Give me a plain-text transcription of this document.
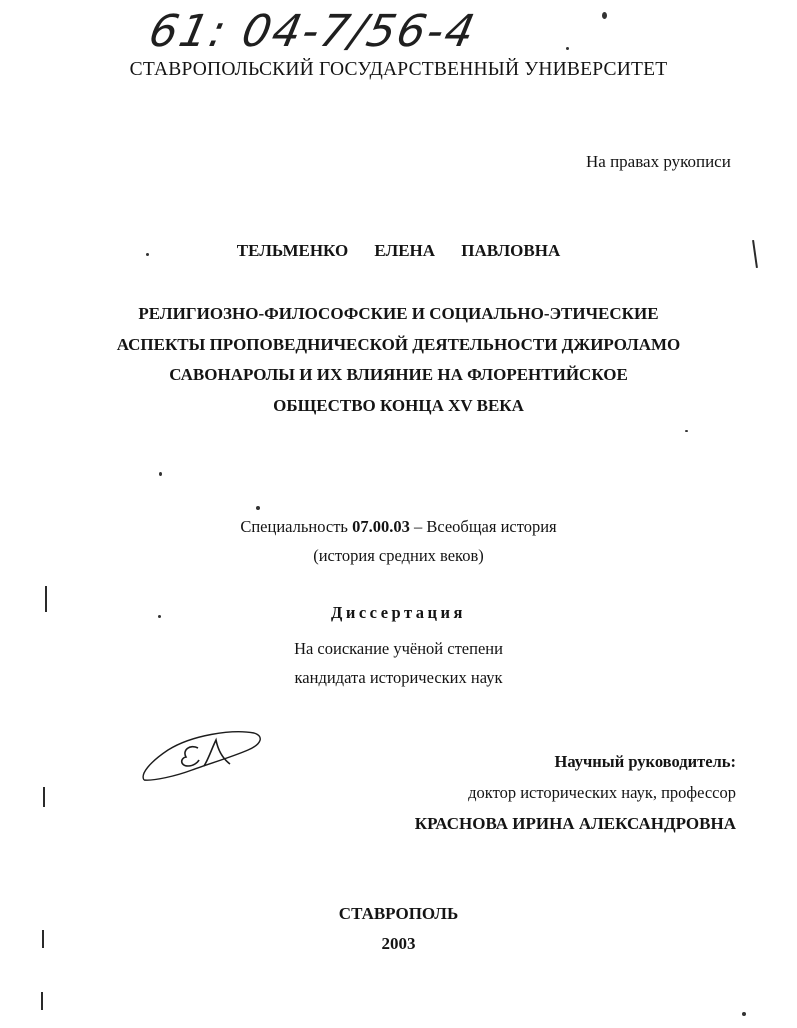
61: 04-7/56-4
СТАВРОПОЛЬСКИЙ ГОСУДАРСТВЕННЫЙ УНИВЕРСИТЕТ
На правах рукописи
ТЕЛЬМЕНКО ЕЛЕНА ПАВЛОВНА
РЕЛИГИОЗНО-ФИЛОСОФСКИЕ И СОЦИАЛЬНО-ЭТИЧЕСКИЕ
АСПЕКТЫ ПРОПОВЕДНИЧЕСКОЙ ДЕЯТЕЛЬНОСТИ ДЖИРОЛАМО
САВОНАРОЛЫ И ИХ ВЛИЯНИЕ НА ФЛОРЕНТИЙСКОЕ
ОБЩЕСТВО КОНЦА XV ВЕКА
Специальность 07.00.03 – Всеобщая история
(история средних веков)
Диссертация
На соискание учёной степени
кандидата исторических наук
Научный руководитель:
доктор исторических наук, профессор
КРАСНОВА ИРИНА АЛЕКСАНДРОВНА
СТАВРОПОЛЬ
2003
